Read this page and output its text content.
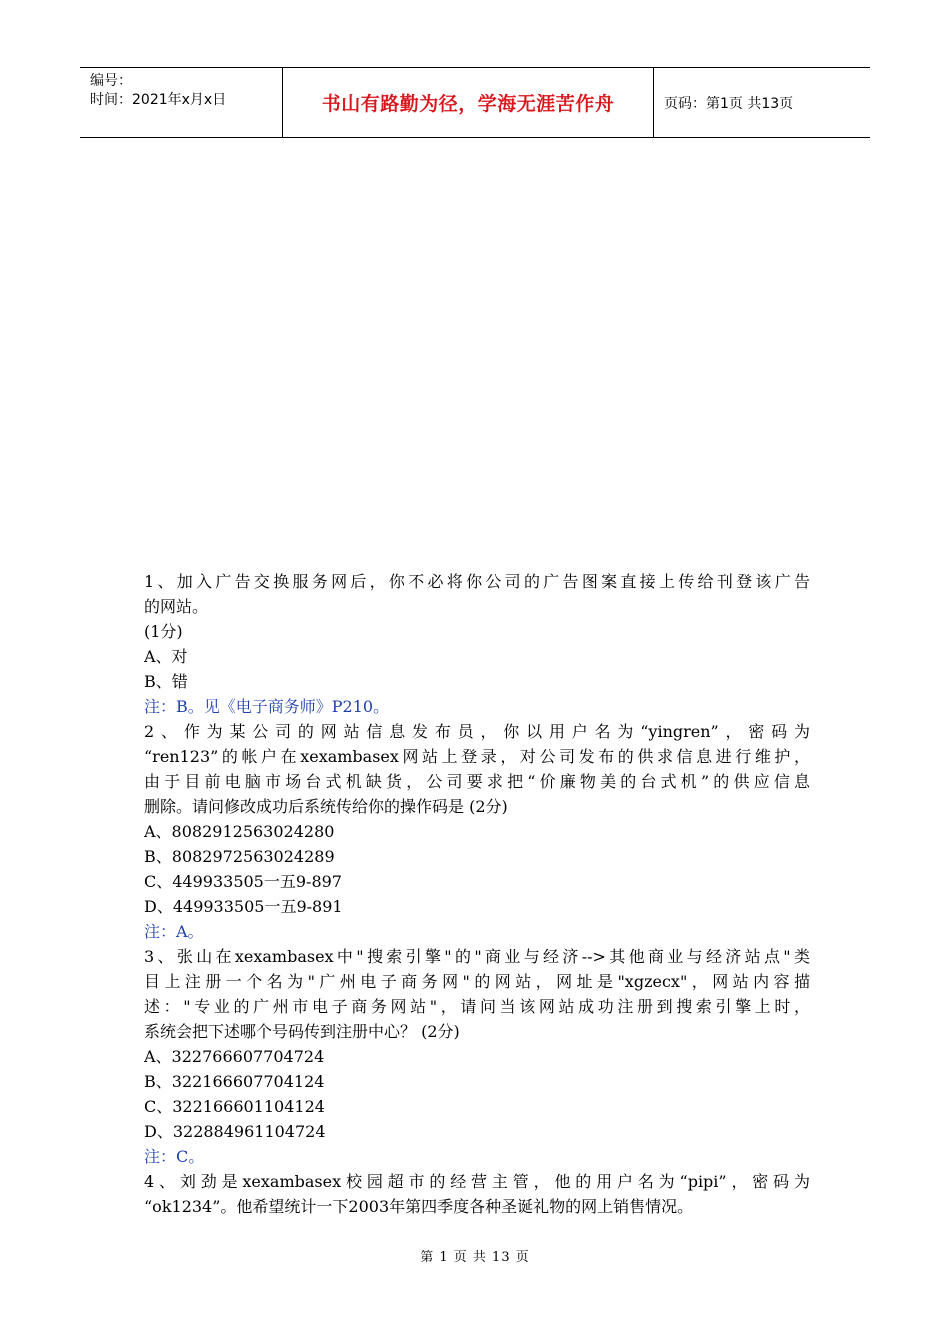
编号：
时间：2021年x月x日	书山有路勤为径，学海无涯苦作舟	页码：第1页 共13页
1、加入广告交换服务网后，你不必将你公司的广告图案直接上传给刊登该广告
的网站。
(1分)
A、对
B、错
注：B。见《电子商务师》P210。
2、作为某公司的网站信息发布员，你以用户名为“yingren”，密码为
“ren123”的帐户在xexambasex网站上登录，对公司发布的供求信息进行维护，
由于目前电脑市场台式机缺货，公司要求把“价廉物美的台式机”的供应信息
删除。请问修改成功后系统传给你的操作码是 (2分)
A、8082912563024280
B、8082972563024289
C、449933505一五9-897
D、449933505一五9-891
注：A。
3、张山在xexambasex中"搜索引擎"的"商业与经济-->其他商业与经济站点"类
目上注册一个名为"广州电子商务网"的网站，网址是"xgzecx"，网站内容描
述："专业的广州市电子商务网站"，请问当该网站成功注册到搜索引擎上时，
系统会把下述哪个号码传到注册中心？ (2分)
A、322766607704724
B、322166607704124
C、322166601104124
D、322884961104724
注：C。
4、刘劲是xexambasex校园超市的经营主管，他的用户名为“pipi”，密码为
“ok1234”。他希望统计一下2003年第四季度各种圣诞礼物的网上销售情况。
第 1 页 共 13 页
